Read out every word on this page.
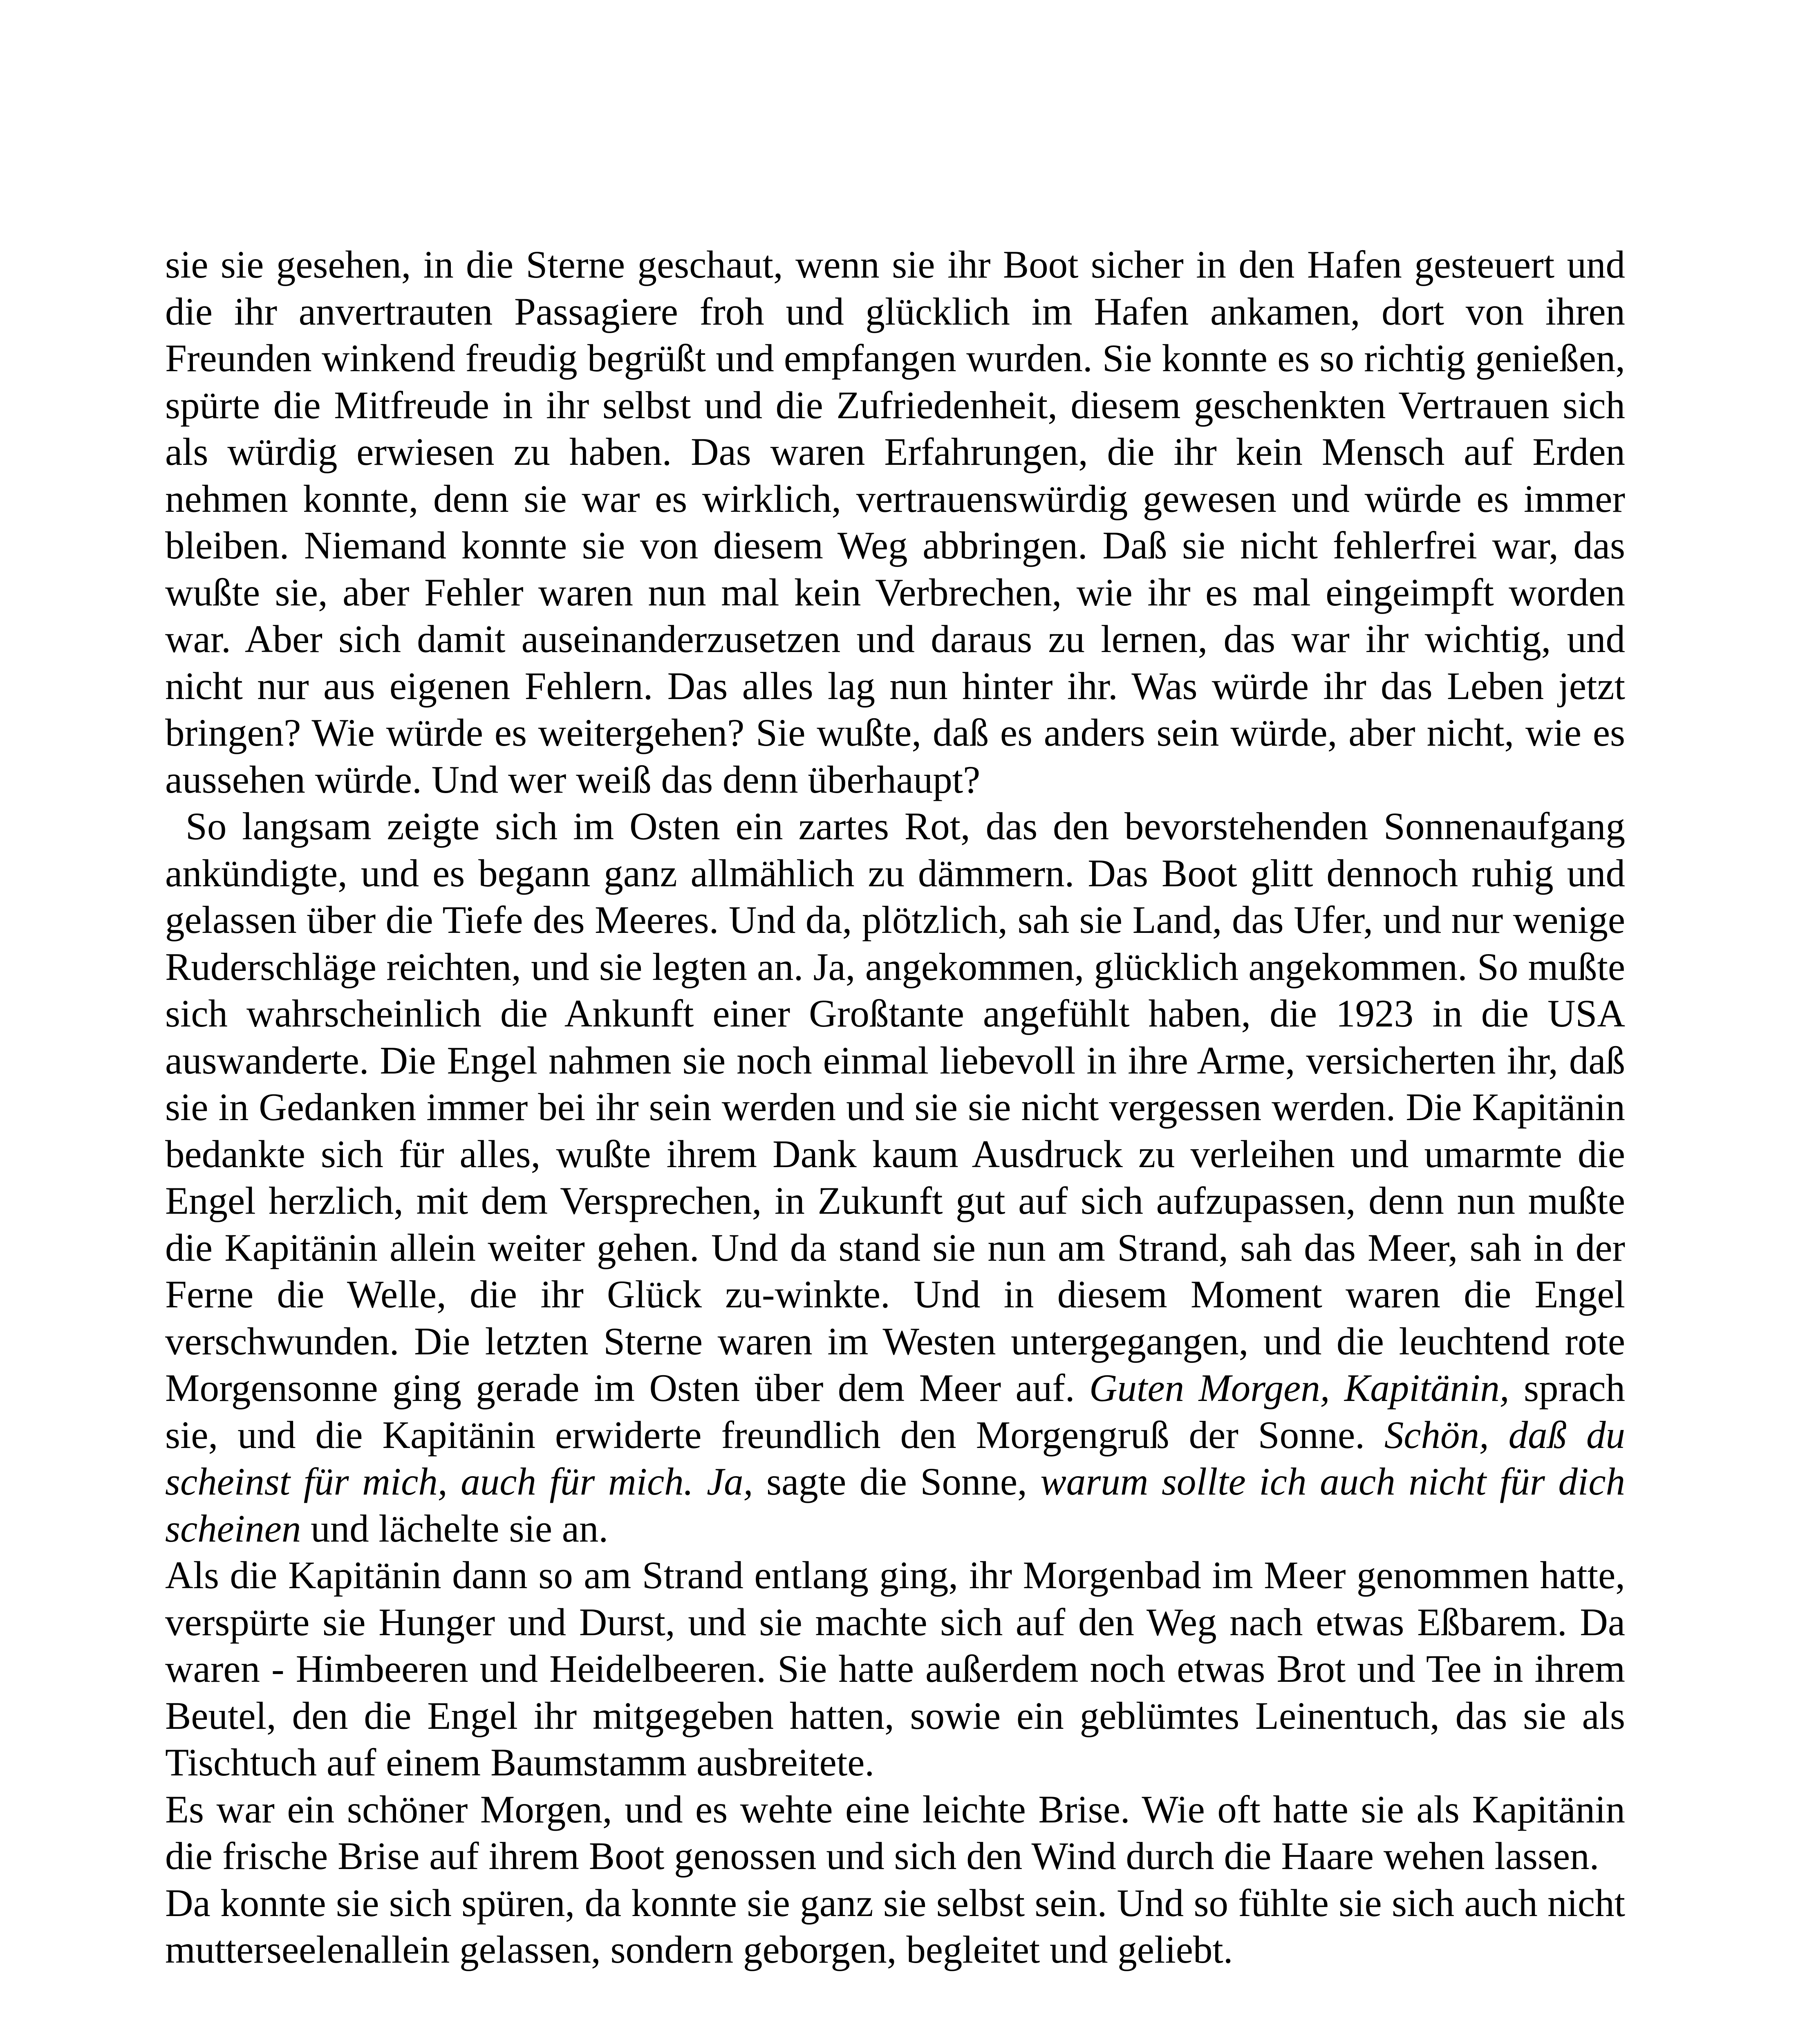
sie sie gesehen, in die Sterne geschaut, wenn sie ihr Boot sicher in den Hafen gesteuert und die ihr anvertrauten Passagiere froh und glücklich im Hafen ankamen, dort von ihren Freunden winkend freudig begrüßt und empfangen wurden. Sie konnte es so richtig genießen, spürte die Mitfreude in ihr selbst und die Zufriedenheit, diesem geschenkten Vertrauen sich als würdig erwiesen zu haben. Das waren Erfahrungen, die ihr kein Mensch auf Erden nehmen konnte, denn sie war es wirklich, vertrauenswürdig gewesen und würde es immer bleiben. Niemand konnte sie von diesem Weg abbringen. Daß sie nicht fehlerfrei war, das wußte sie, aber Fehler waren nun mal kein Verbrechen, wie ihr es mal eingeimpft worden war. Aber sich damit auseinanderzusetzen und daraus zu lernen, das war ihr wichtig, und nicht nur aus eigenen Fehlern. Das alles lag nun hinter ihr. Was würde ihr das Leben jetzt bringen? Wie würde es weitergehen? Sie wußte, daß es anders sein würde, aber nicht, wie es aussehen würde. Und wer weiß das denn überhaupt?

So langsam zeigte sich im Osten ein zartes Rot, das den bevorstehenden Sonnenaufgang ankündigte, und es begann ganz allmählich zu dämmern. Das Boot glitt dennoch ruhig und gelassen über die Tiefe des Meeres. Und da, plötzlich, sah sie Land, das Ufer, und nur wenige Ruderschläge reichten, und sie legten an. Ja, angekommen, glücklich angekommen. So mußte sich wahrscheinlich die Ankunft einer Großtante angefühlt haben, die 1923 in die USA auswanderte. Die Engel nahmen sie noch einmal liebevoll in ihre Arme, versicherten ihr, daß sie in Gedanken immer bei ihr sein werden und sie sie nicht vergessen werden. Die Kapitänin bedankte sich für alles, wußte ihrem Dank kaum Ausdruck zu verleihen und umarmte die Engel herzlich, mit dem Versprechen, in Zukunft gut auf sich aufzupassen, denn nun mußte die Kapitänin allein weiter gehen. Und da stand sie nun am Strand, sah das Meer, sah in der Ferne die Welle, die ihr Glück zu-winkte. Und in diesem Moment waren die Engel verschwunden. Die letzten Sterne waren im Westen untergegangen, und die leuchtend rote Morgensonne ging gerade im Osten über dem Meer auf. Guten Morgen, Kapitänin, sprach sie, und die Kapitänin erwiderte freundlich den Morgengruß der Sonne. Schön, daß du scheinst für mich, auch für mich. Ja, sagte die Sonne, warum sollte ich auch nicht für dich scheinen und lächelte sie an.

Als die Kapitänin dann so am Strand entlang ging, ihr Morgenbad im Meer genommen hatte, verspürte sie Hunger und Durst, und sie machte sich auf den Weg nach etwas Eßbarem. Da waren - Himbeeren und Heidelbeeren. Sie hatte außerdem noch etwas Brot und Tee in ihrem Beutel, den die Engel ihr mitgegeben hatten, sowie ein geblümtes Leinentuch, das sie als Tischtuch auf einem Baumstamm ausbreitete.

Es war ein schöner Morgen, und es wehte eine leichte Brise. Wie oft hatte sie als Kapitänin die frische Brise auf ihrem Boot genossen und sich den Wind durch die Haare wehen lassen.

Da konnte sie sich spüren, da konnte sie ganz sie selbst sein. Und so fühlte sie sich auch nicht mutterseelenallein gelassen, sondern geborgen, begleitet und geliebt.
